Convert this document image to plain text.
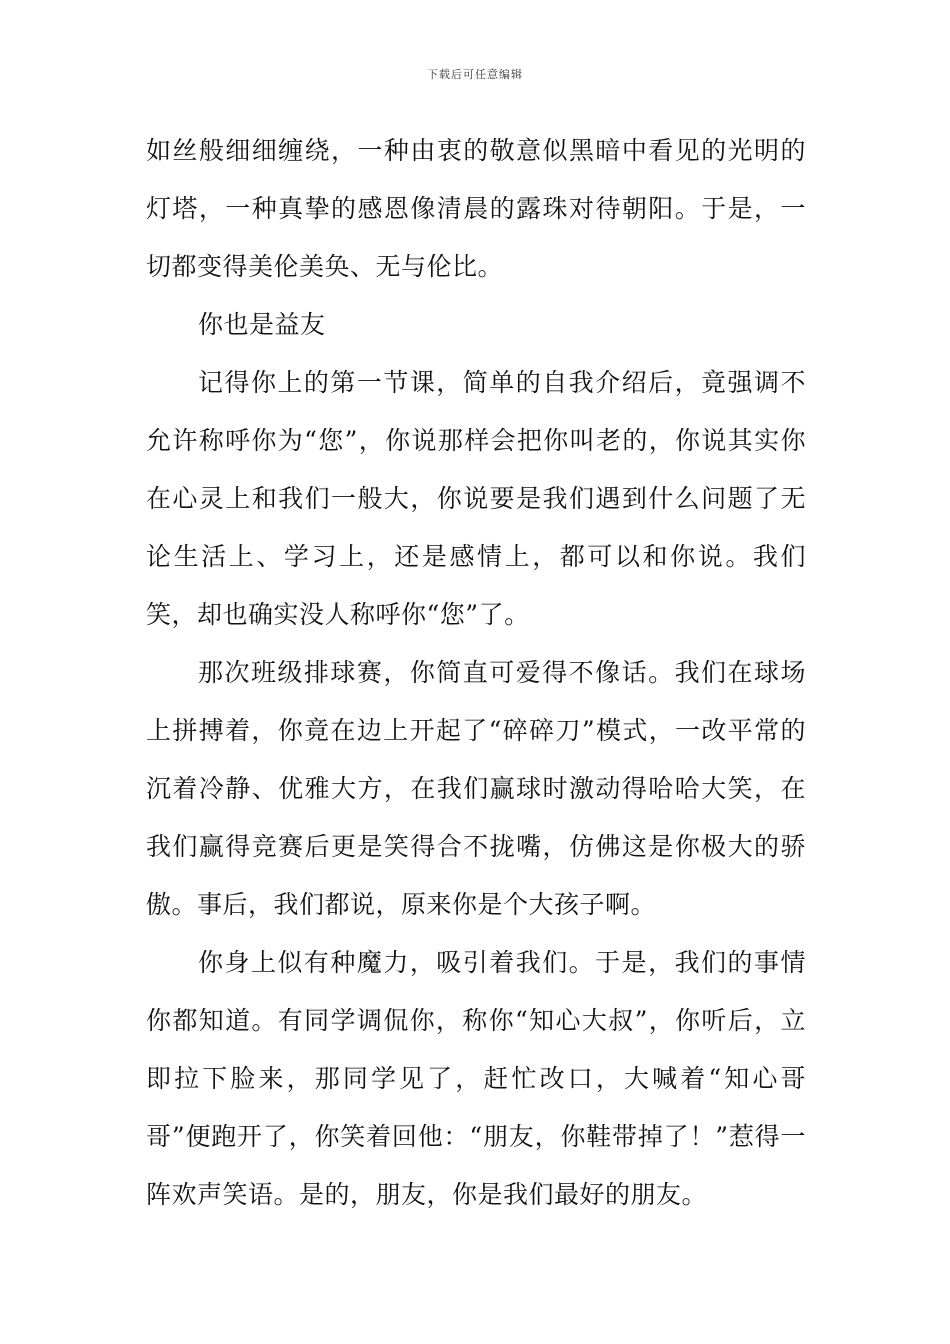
下载后可任意编辑

如丝般细细缠绕，一种由衷的敬意似黑暗中看见的光明的灯塔，一种真挚的感恩像清晨的露珠对待朝阳。于是，一切都变得美伦美奂、无与伦比。

你也是益友

记得你上的第一节课，简单的自我介绍后，竟强调不允许称呼你为“您”，你说那样会把你叫老的，你说其实你在心灵上和我们一般大，你说要是我们遇到什么问题了无论生活上、学习上，还是感情上，都可以和你说。我们笑，却也确实没人称呼你“您”了。

那次班级排球赛，你简直可爱得不像话。我们在球场上拼搏着，你竟在边上开起了“碎碎刀”模式，一改平常的沉着冷静、优雅大方，在我们赢球时激动得哈哈大笑，在我们赢得竞赛后更是笑得合不拢嘴，仿佛这是你极大的骄傲。事后，我们都说，原来你是个大孩子啊。

你身上似有种魔力，吸引着我们。于是，我们的事情你都知道。有同学调侃你，称你“知心大叔”，你听后，立即拉下脸来，那同学见了，赶忙改口，大喊着“知心哥哥”便跑开了，你笑着回他：“朋友，你鞋带掉了！”惹得一阵欢声笑语。是的，朋友，你是我们最好的朋友。
